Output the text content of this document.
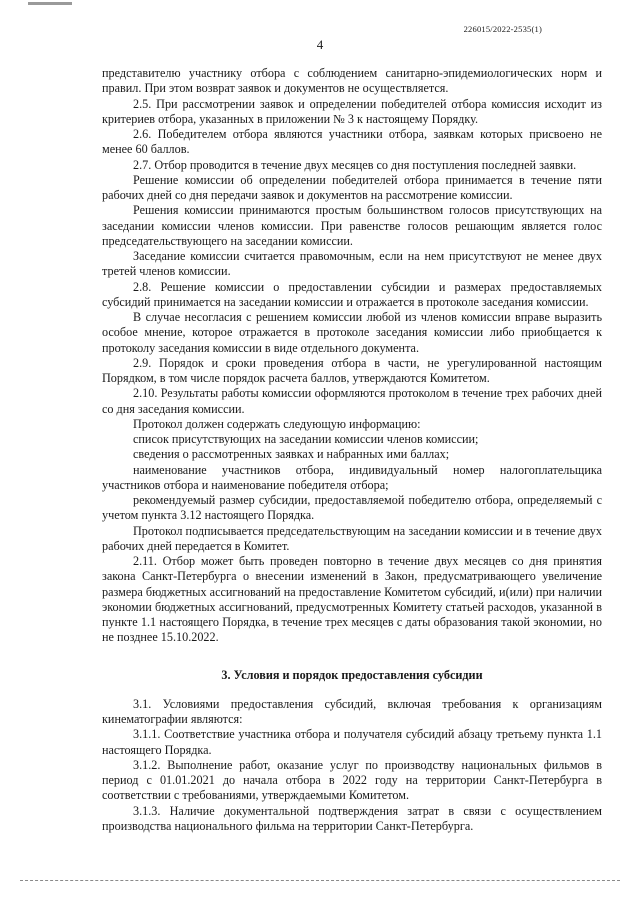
226015/2022-2535(1)
4

представителю участнику отбора с соблюдением санитарно-эпидемиологических норм и правил. При этом возврат заявок и документов не осуществляется.

2.5. При рассмотрении заявок и определении победителей отбора комиссия исходит из критериев отбора, указанных в приложении № 3 к настоящему Порядку.

2.6. Победителем отбора являются участники отбора, заявкам которых присвоено не менее 60 баллов.

2.7. Отбор проводится в течение двух месяцев со дня поступления последней заявки.

Решение комиссии об определении победителей отбора принимается в течение пяти рабочих дней со дня передачи заявок и документов на рассмотрение комиссии.

Решения комиссии принимаются простым большинством голосов присутствующих на заседании комиссии членов комиссии. При равенстве голосов решающим является голос председательствующего на заседании комиссии.

Заседание комиссии считается правомочным, если на нем присутствуют не менее двух третей членов комиссии.

2.8. Решение комиссии о предоставлении субсидии и размерах предоставляемых субсидий принимается на заседании комиссии и отражается в протоколе заседания комиссии.

В случае несогласия с решением комиссии любой из членов комиссии вправе выразить особое мнение, которое отражается в протоколе заседания комиссии либо приобщается к протоколу заседания комиссии в виде отдельного документа.

2.9. Порядок и сроки проведения отбора в части, не урегулированной настоящим Порядком, в том числе порядок расчета баллов, утверждаются Комитетом.

2.10. Результаты работы комиссии оформляются протоколом в течение трех рабочих дней со дня заседания комиссии.

Протокол должен содержать следующую информацию:

список присутствующих на заседании комиссии членов комиссии;

сведения о рассмотренных заявках и набранных ими баллах;

наименование участников отбора, индивидуальный номер налогоплательщика участников отбора и наименование победителя отбора;

рекомендуемый размер субсидии, предоставляемой победителю отбора, определяемый с учетом пункта 3.12 настоящего Порядка.

Протокол подписывается председательствующим на заседании комиссии и в течение двух рабочих дней передается в Комитет.

2.11. Отбор может быть проведен повторно в течение двух месяцев со дня принятия закона Санкт-Петербурга о внесении изменений в Закон, предусматривающего увеличение размера бюджетных ассигнований на предоставление Комитетом субсидий, и(или) при наличии экономии бюджетных ассигнований, предусмотренных Комитету статьей расходов, указанной в пункте 1.1 настоящего Порядка, в течение трех месяцев с даты образования такой экономии, но не позднее 15.10.2022.

3. Условия и порядок предоставления субсидии

3.1. Условиями предоставления субсидий, включая требования к организациям кинематографии являются:

3.1.1. Соответствие участника отбора и получателя субсидий абзацу третьему пункта 1.1 настоящего Порядка.

3.1.2. Выполнение работ, оказание услуг по производству национальных фильмов в период с 01.01.2021 до начала отбора в 2022 году на территории Санкт-Петербурга в соответствии с требованиями, утверждаемыми Комитетом.

3.1.3. Наличие документальной подтверждения затрат в связи с осуществлением производства национального фильма на территории Санкт-Петербурга.
